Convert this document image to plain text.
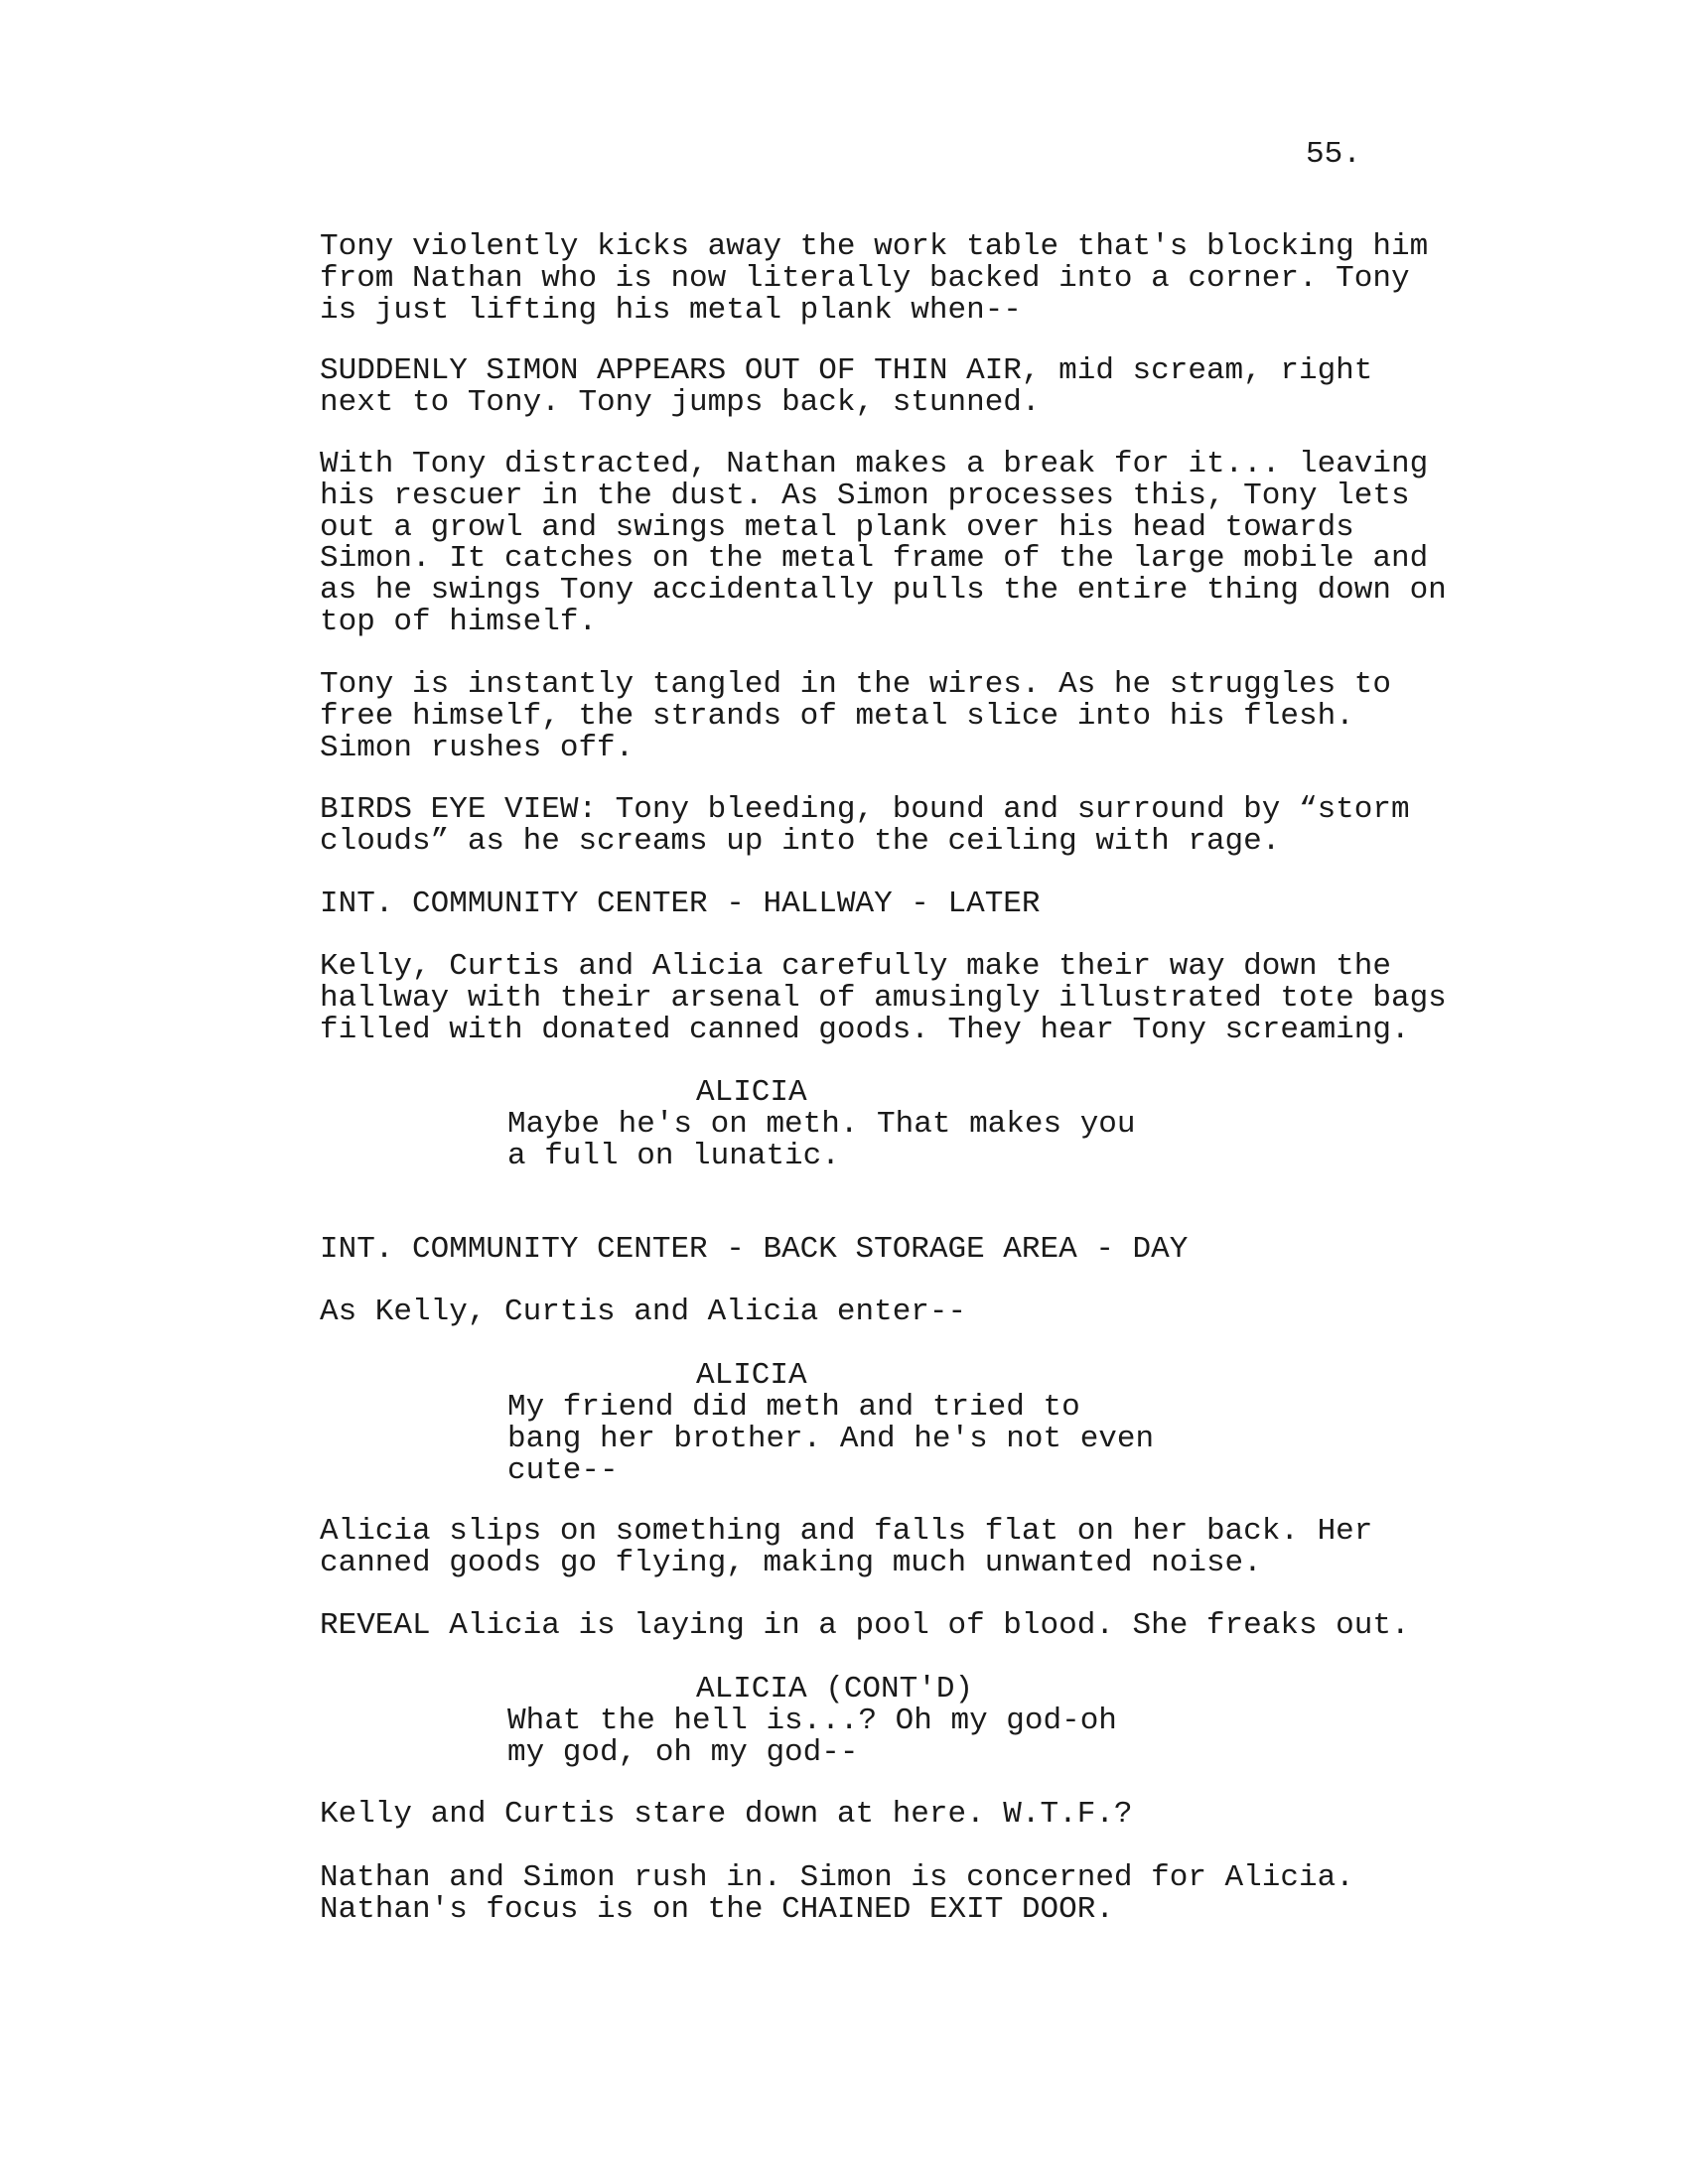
55.

Tony violently kicks away the work table that's blocking him
from Nathan who is now literally backed into a corner. Tony
is just lifting his metal plank when--

SUDDENLY SIMON APPEARS OUT OF THIN AIR, mid scream, right
next to Tony. Tony jumps back, stunned.

With Tony distracted, Nathan makes a break for it... leaving
his rescuer in the dust. As Simon processes this, Tony lets
out a growl and swings metal plank over his head towards
Simon. It catches on the metal frame of the large mobile and
as he swings Tony accidentally pulls the entire thing down on
top of himself.

Tony is instantly tangled in the wires. As he struggles to
free himself, the strands of metal slice into his flesh.
Simon rushes off.

BIRDS EYE VIEW: Tony bleeding, bound and surround by “storm
clouds” as he screams up into the ceiling with rage.

INT. COMMUNITY CENTER - HALLWAY - LATER

Kelly, Curtis and Alicia carefully make their way down the
hallway with their arsenal of amusingly illustrated tote bags
filled with donated canned goods. They hear Tony screaming.

ALICIA

Maybe he's on meth. That makes you
a full on lunatic.

INT. COMMUNITY CENTER - BACK STORAGE AREA - DAY

As Kelly, Curtis and Alicia enter--

ALICIA

My friend did meth and tried to
bang her brother. And he's not even
cute--

Alicia slips on something and falls flat on her back. Her
canned goods go flying, making much unwanted noise.

REVEAL Alicia is laying in a pool of blood. She freaks out.

ALICIA (CONT'D)

What the hell is...? Oh my god-oh
my god, oh my god--

Kelly and Curtis stare down at here. W.T.F.?

Nathan and Simon rush in. Simon is concerned for Alicia.
Nathan's focus is on the CHAINED EXIT DOOR.
